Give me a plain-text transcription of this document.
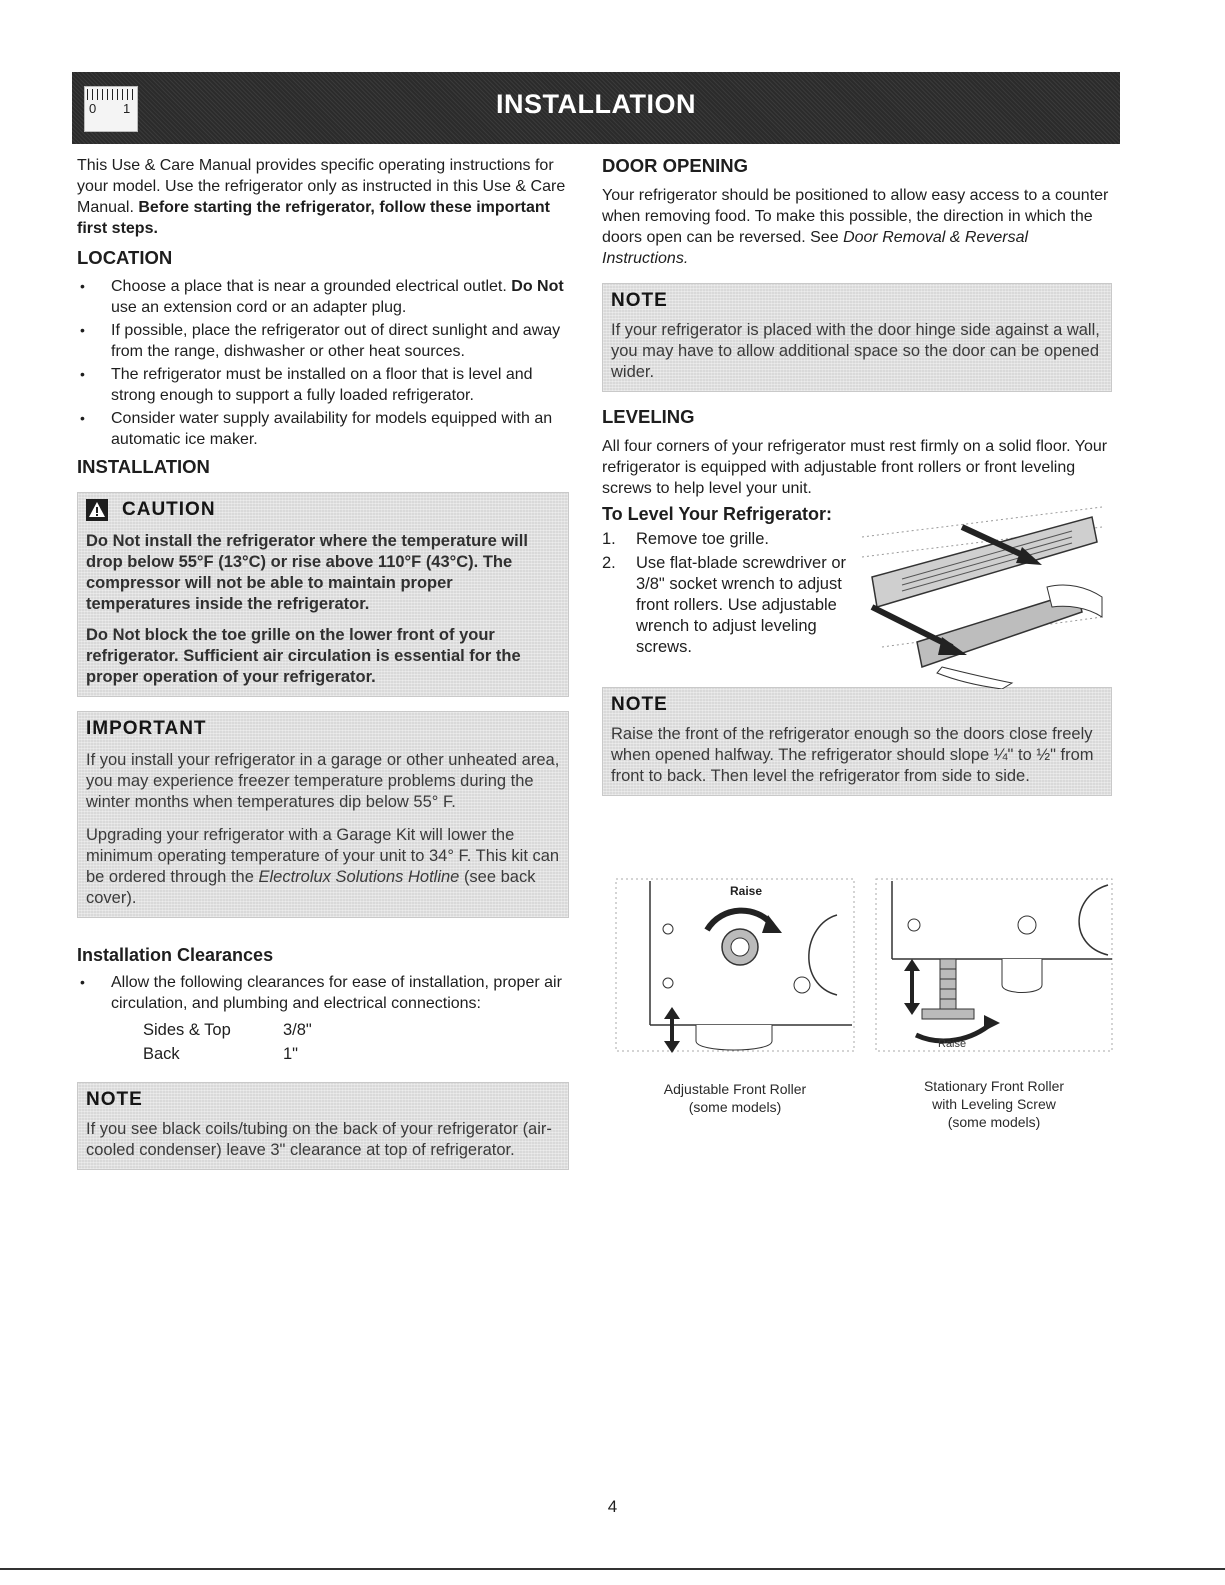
0 1	INSTALLATION

This Use & Care Manual provides specific operating instructions for your model. Use the refrigerator only as instructed in this Use & Care Manual. Before starting the refrigerator, follow these important first steps.

LOCATION
• Choose a place that is near a grounded electrical outlet. Do Not use an extension cord or an adapter plug.
• If possible, place the refrigerator out of direct sunlight and away from the range, dishwasher or other heat sources.
• The refrigerator must be installed on a floor that is level and strong enough to support a fully loaded refrigerator.
• Consider water supply availability for models equipped with an automatic ice maker.
INSTALLATION
CAUTION
Do Not install the refrigerator where the temperature will drop below 55°F (13°C) or rise above 110°F (43°C). The compressor will not be able to maintain proper temperatures inside the refrigerator.
Do Not block the toe grille on the lower front of your refrigerator. Sufficient air circulation is essential for the proper operation of your refrigerator.
IMPORTANT
If you install your refrigerator in a garage or other unheated area, you may experience freezer temperature problems during the winter months when temperatures dip below 55° F.
Upgrading your refrigerator with a Garage Kit will lower the minimum operating temperature of your unit to 34° F. This kit can be ordered through the Electrolux Solutions Hotline (see back cover).
Installation Clearances
• Allow the following clearances for ease of installation, proper air circulation, and plumbing and electrical connections:
Sides & Top	3/8"
Back	1"
NOTE
If you see black coils/tubing on the back of your refrigerator (air-cooled condenser) leave 3" clearance at top of refrigerator.
DOOR OPENING

Your refrigerator should be positioned to allow easy access to a counter when removing food. To make this possible, the direction in which the doors open can be reversed. See Door Removal & Reversal Instructions.

NOTE
If your refrigerator is placed with the door hinge side against a wall, you may have to allow additional space so the door can be opened wider.
LEVELING

All four corners of your refrigerator must rest firmly on a solid floor. Your refrigerator is equipped with adjustable front rollers or front leveling screws to help level your unit.

To Level Your Refrigerator:
1. Remove toe grille.
2. Use flat-blade screwdriver or 3/8" socket wrench to adjust front rollers. Use adjustable wrench to adjust leveling screws.
NOTE
Raise the front of the refrigerator enough so the doors close freely when opened halfway. The refrigerator should slope ¼" to ½" from front to back. Then level the refrigerator from side to side.
Raise
Raise
Adjustable Front Roller
(some models)
Stationary Front Roller
with Leveling Screw
(some models)
4
